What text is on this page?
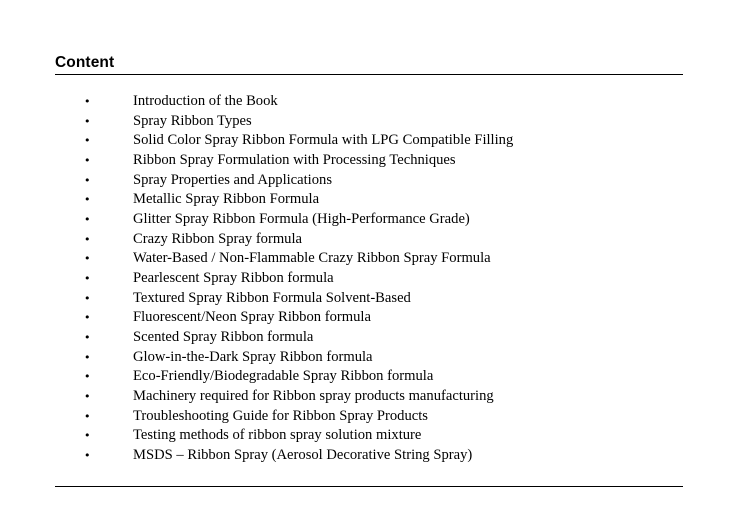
Content
•	Introduction of the Book
•	Spray Ribbon Types
•	Solid Color Spray Ribbon Formula with LPG Compatible Filling
•	Ribbon Spray Formulation with Processing Techniques
•	Spray Properties and Applications
•	Metallic Spray Ribbon Formula
•	Glitter Spray Ribbon Formula (High-Performance Grade)
•	Crazy Ribbon Spray formula
•	Water-Based / Non-Flammable Crazy Ribbon Spray Formula
•	Pearlescent Spray Ribbon formula
•	Textured Spray Ribbon Formula Solvent-Based
•	Fluorescent/Neon Spray Ribbon formula
•	Scented Spray Ribbon formula
•	Glow-in-the-Dark Spray Ribbon formula
•	Eco-Friendly/Biodegradable Spray Ribbon formula
•	Machinery required for Ribbon spray products manufacturing
•	Troubleshooting Guide for Ribbon Spray Products
•	Testing methods of ribbon spray solution mixture
•	MSDS – Ribbon Spray (Aerosol Decorative String Spray)
